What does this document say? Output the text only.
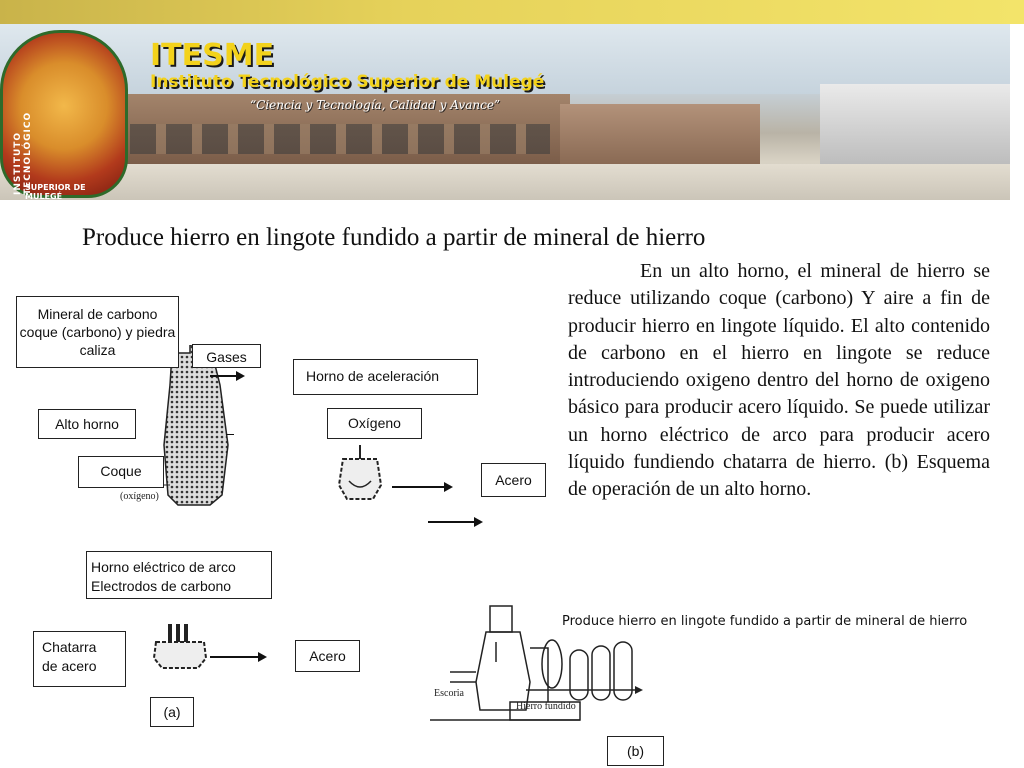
INSTITUTO TECNOLÓGICO
SUPERIOR DE MULEGÉ
ITESME
Instituto Tecnológico Superior de Mulegé
“Ciencia y Tecnología, Calidad y Avance”
Produce hierro en lingote fundido a partir de mineral de hierro
En un alto horno, el mineral de hierro se reduce utilizando coque (carbono) Y aire a fin de producir hierro en lingote líquido. El alto contenido de carbono en el hierro en lingote se reduce introduciendo oxigeno dentro del horno de oxigeno básico para producir acero líquido. Se puede utilizar un horno eléctrico de arco para producir acero líquido fundiendo chatarra de hierro. (b) Esquema de operación de un alto horno.
(oxígeno)
Mineral de carbono coque (carbono) y piedra caliza	Gases
Alto horno
Coque
Horno de aceleración
Oxígeno
Acero
Horno eléctrico de arco
Electrodos de carbono
Chatarra
de acero
Acero
(a)
Produce hierro en lingote fundido a partir de mineral de hierro
Escoria
Hierro fundido
(b)
